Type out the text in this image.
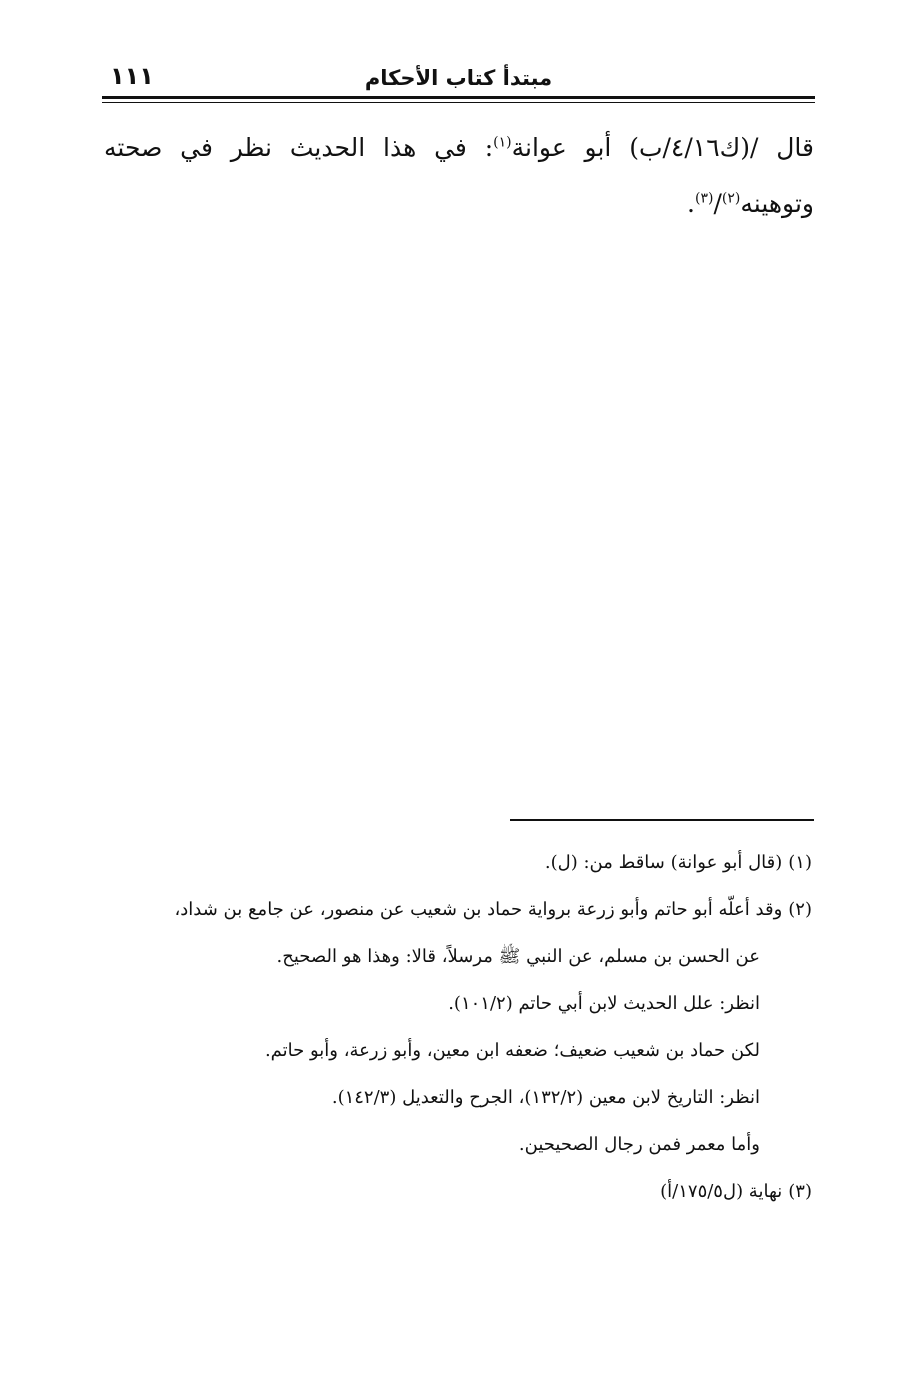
١١١	مبتدأ كتاب الأحكام

قال /(ك٤/١٦/ب) أبو عوانة$^{(١)}$: في هذا الحديث نظر في صحته وتوهينه$^{(٢)}$/$^{(٣)}$.

(١)(قال أبو عوانة) ساقط من: (ل).

(٢)وقد أعلّه أبو حاتم وأبو زرعة برواية حماد بن شعيب عن منصور، عن جامع بن شداد،

عن الحسن بن مسلم، عن النبي ﷺ مرسلاً، قالا: وهذا هو الصحيح.

انظر: علل الحديث لابن أبي حاتم (١٠١/٢).

لكن حماد بن شعيب ضعيف؛ ضعفه ابن معين، وأبو زرعة، وأبو حاتم.

انظر: التاريخ لابن معين (١٣٢/٢)، الجرح والتعديل (١٤٢/٣).

وأما معمر فمن رجال الصحيحين.

(٣)نهاية (ل١٧٥/٥/أ)
